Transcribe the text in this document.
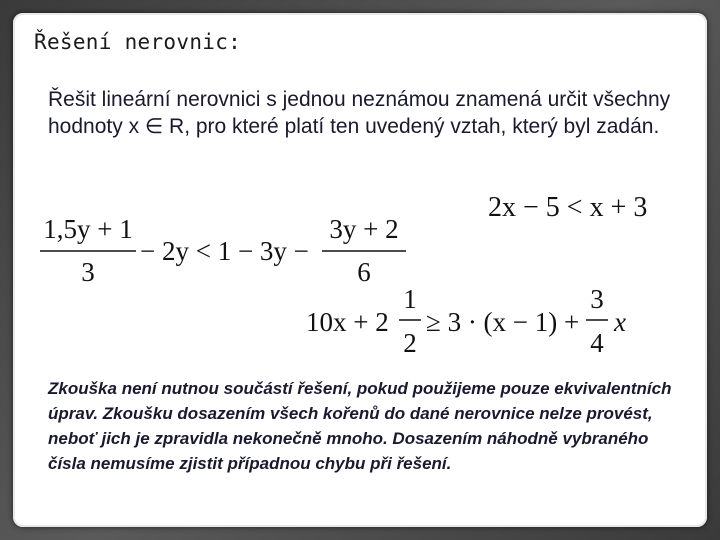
Řešení nerovnic:
Řešit lineární nerovnici s jednou neznámou znamená určit všechny hodnoty x ∈ R, pro které platí ten uvedený vztah, který byl zadán.
2x − 5 < x + 3
1,5y + 1
3
− 2y < 1 − 3y −
3y + 2
6
10x + 2
1
2
≥ 3 · (x − 1) +
3
4
x
Zkouška není nutnou součástí řešení, pokud použijeme pouze ekvivalentních úprav. Zkoušku dosazením všech kořenů do dané nerovnice nelze provést, neboť jich je zpravidla nekonečně mnoho. Dosazením náhodně vybraného čísla nemusíme zjistit případnou chybu při řešení.
